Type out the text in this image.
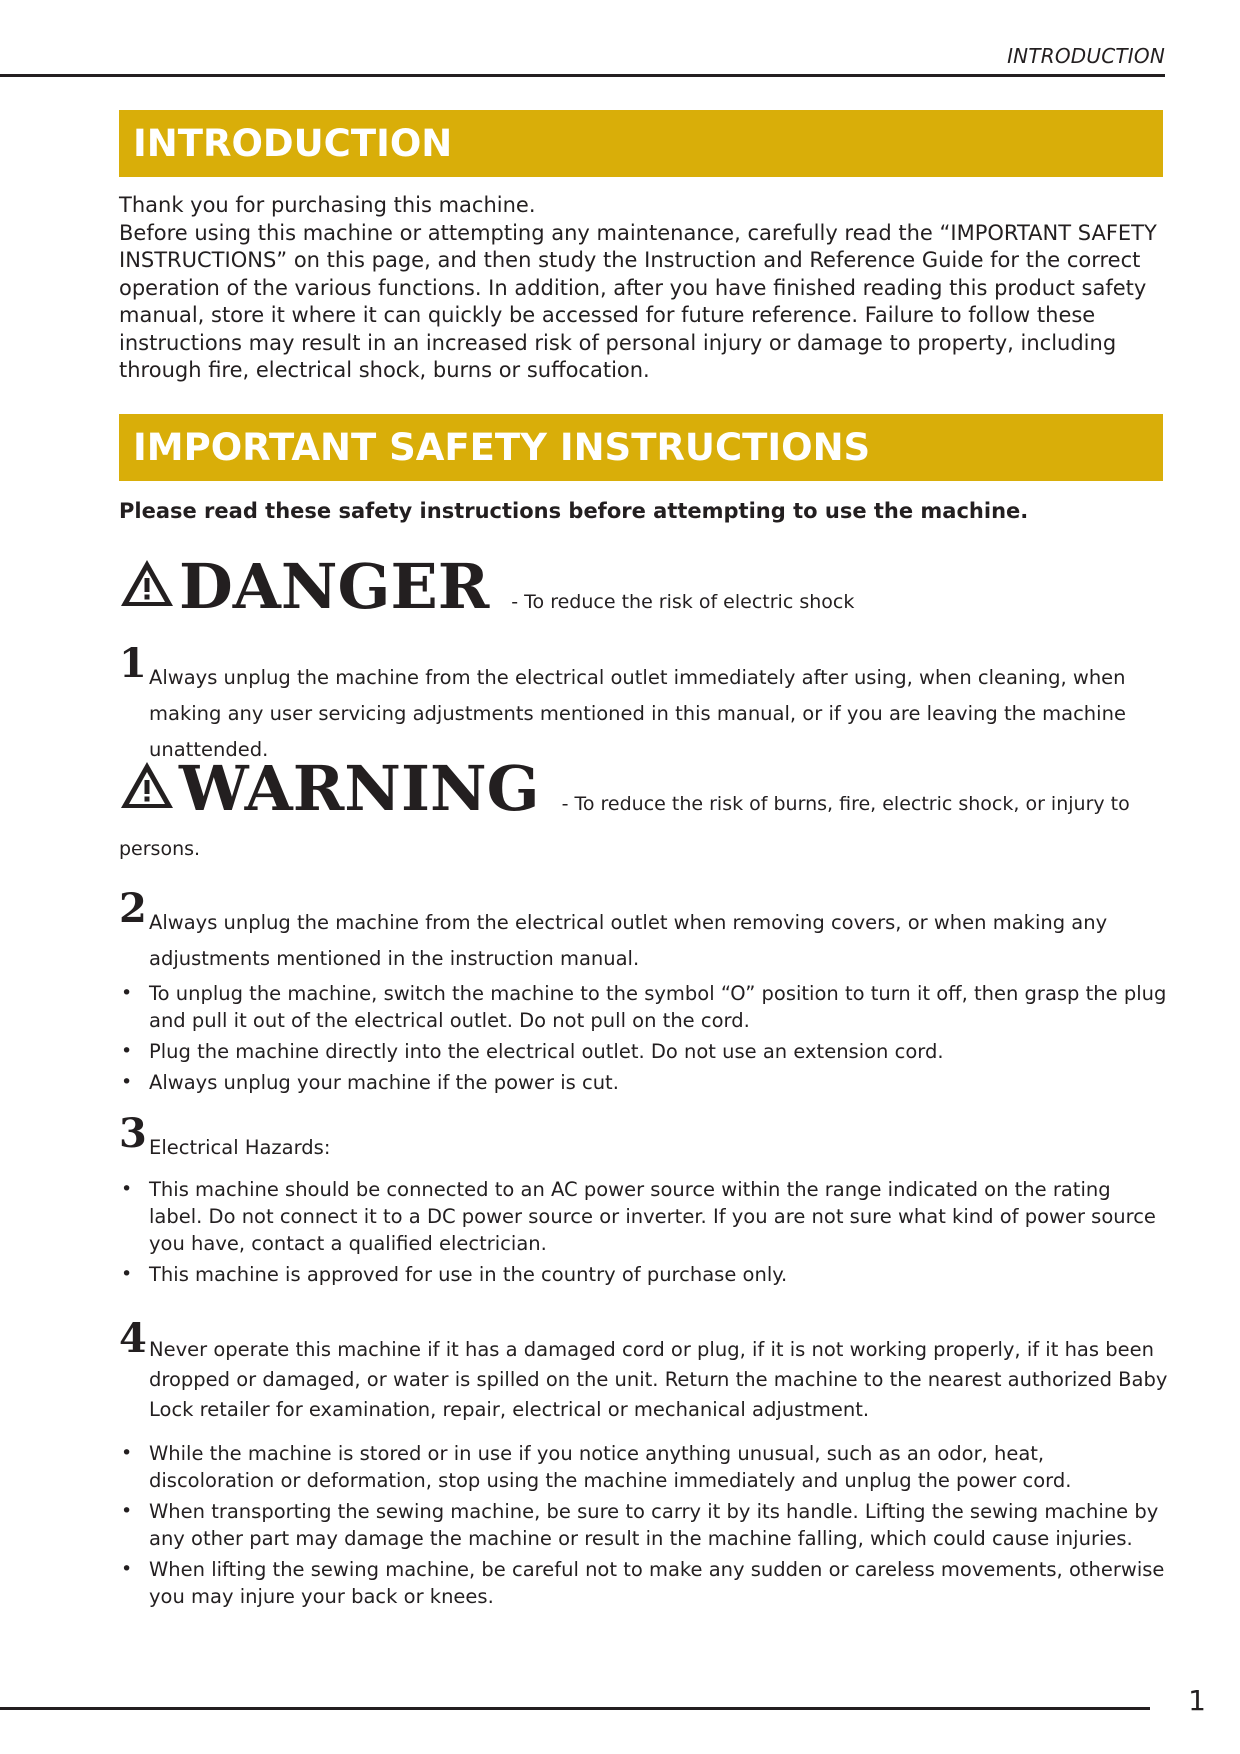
INTRODUCTION
INTRODUCTION

Thank you for purchasing this machine.

Before using this machine or attempting any maintenance, carefully read the “IMPORTANT SAFETY INSTRUCTIONS” on this page, and then study the Instruction and Reference Guide for the correct operation of the various functions. In addition, after you have finished reading this product safety manual, store it where it can quickly be accessed for future reference. Failure to follow these instructions may result in an increased risk of personal injury or damage to property, including through fire, electrical shock, burns or suffocation.

IMPORTANT SAFETY INSTRUCTIONS

Please read these safety instructions before attempting to use the machine.

DANGER - To reduce the risk of electric shock
1 Always unplug the machine from the electrical outlet immediately after using, when cleaning, when making any user servicing adjustments mentioned in this manual, or if you are leaving the machine unattended.
WARNING - To reduce the risk of burns, fire, electric shock, or injury to

persons.

2 Always unplug the machine from the electrical outlet when removing covers, or when making any adjustments mentioned in the instruction manual.
• To unplug the machine, switch the machine to the symbol “O” position to turn it off, then grasp the plug and pull it out of the electrical outlet. Do not pull on the cord.
• Plug the machine directly into the electrical outlet. Do not use an extension cord.
• Always unplug your machine if the power is cut.
3 Electrical Hazards:
• This machine should be connected to an AC power source within the range indicated on the rating label. Do not connect it to a DC power source or inverter. If you are not sure what kind of power source you have, contact a qualified electrician.
• This machine is approved for use in the country of purchase only.
4 Never operate this machine if it has a damaged cord or plug, if it is not working properly, if it has been dropped or damaged, or water is spilled on the unit. Return the machine to the nearest authorized Baby Lock retailer for examination, repair, electrical or mechanical adjustment.
• While the machine is stored or in use if you notice anything unusual, such as an odor, heat, discoloration or deformation, stop using the machine immediately and unplug the power cord.
• When transporting the sewing machine, be sure to carry it by its handle. Lifting the sewing machine by any other part may damage the machine or result in the machine falling, which could cause injuries.
• When lifting the sewing machine, be careful not to make any sudden or careless movements, otherwise you may injure your back or knees.
1
